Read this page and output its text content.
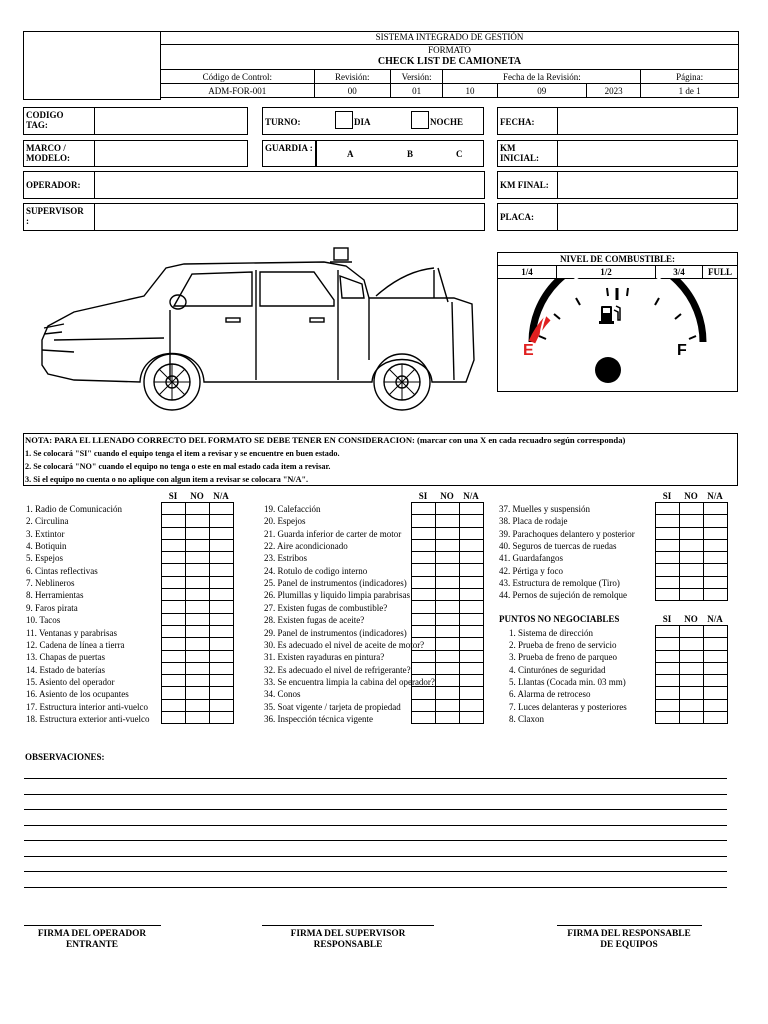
SISTEMA INTEGRADO DE GESTIÓN
FORMATO
CHECK LIST DE CAMIONETA
Código de Control:	Revisión:	Versión:	Fecha de la Revisión:			Página:
ADM-FOR-001	00	01	10	09	2023	1 de 1
CODIGO TAG:	TURNO:	DIA	NOCHE	FECHA:
MARCO / MODELO:
GUARDIA :
A	B	C
KM INICIAL:
OPERADOR:	KM FINAL:
SUPERVISOR :	PLACA:
NIVEL DE COMBUSTIBLE:
1/4	1/2	3/4	FULL
E	F
NOTA: PARA EL LLENADO CORRECTO DEL FORMATO SE DEBE TENER EN CONSIDERACION: (marcar con una X en cada recuadro según corresponda)
1. Se colocará "SI" cuando el equipo tenga el item a revisar y se encuentre en buen estado.
2. Se colocará "NO" cuando el equipo no tenga o este en mal estado cada item a revisar.
3. Si el equipo no cuenta o no aplique con algun item a revisar se colocara "N/A".
SI	NO	N/A	SI	NO	N/A	SI	NO	N/A
1. Radio de Comunicación
2. Circulina
3. Extintor
4. Botiquin
5. Espejos
6. Cintas reflectivas
7. Neblineros
8. Herramientas
9. Faros pirata
10. Tacos
11. Ventanas y parabrisas
12. Cadena de línea a tierra
13. Chapas de puertas
14. Estado de baterías
15. Asiento del operador
16. Asiento de los ocupantes
17. Estructura interior anti-vuelco
18. Estructura exterior anti-vuelco
19. Calefacción
20. Espejos
21. Guarda inferior de carter de motor
22. Aire acondicionado
23. Estribos
24. Rotulo de codigo interno
25. Panel de instrumentos (indicadores)
26. Plumillas y liquido limpia parabrisas
27. Existen fugas de combustible?
28. Existen fugas de aceite?
29. Panel de instrumentos (indicadores)
30. Es adecuado el nivel de aceite de motor?
31. Existen rayaduras en pintura?
32. Es adecuado el nivel de refrigerante?
33. Se encuentra limpia la cabina del operador?
34. Conos
35. Soat vigente / tarjeta de propiedad
36. Inspección técnica vigente
37. Muelles y suspensión
38. Placa de rodaje
39. Parachoques delantero y posterior
40. Seguros de tuercas de ruedas
41. Guardafangos
42. Pértiga y foco
43. Estructura de remolque (Tiro)
44. Pernos de sujeción de remolque
PUNTOS NO NEGOCIABLES
1. Sistema de dirección
2. Prueba de freno de servicio
3. Prueba de freno de parqueo
4. Cinturónes de seguridad
5. Llantas (Cocada min. 03 mm)
6. Alarma de retroceso
7. Luces delanteras y posteriores
8. Claxon
SI	NO	N/A

OBSERVACIONES:
FIRMA DEL OPERADOR
ENTRANTE
FIRMA DEL SUPERVISOR
RESPONSABLE
FIRMA DEL RESPONSABLE
DE EQUIPOS
